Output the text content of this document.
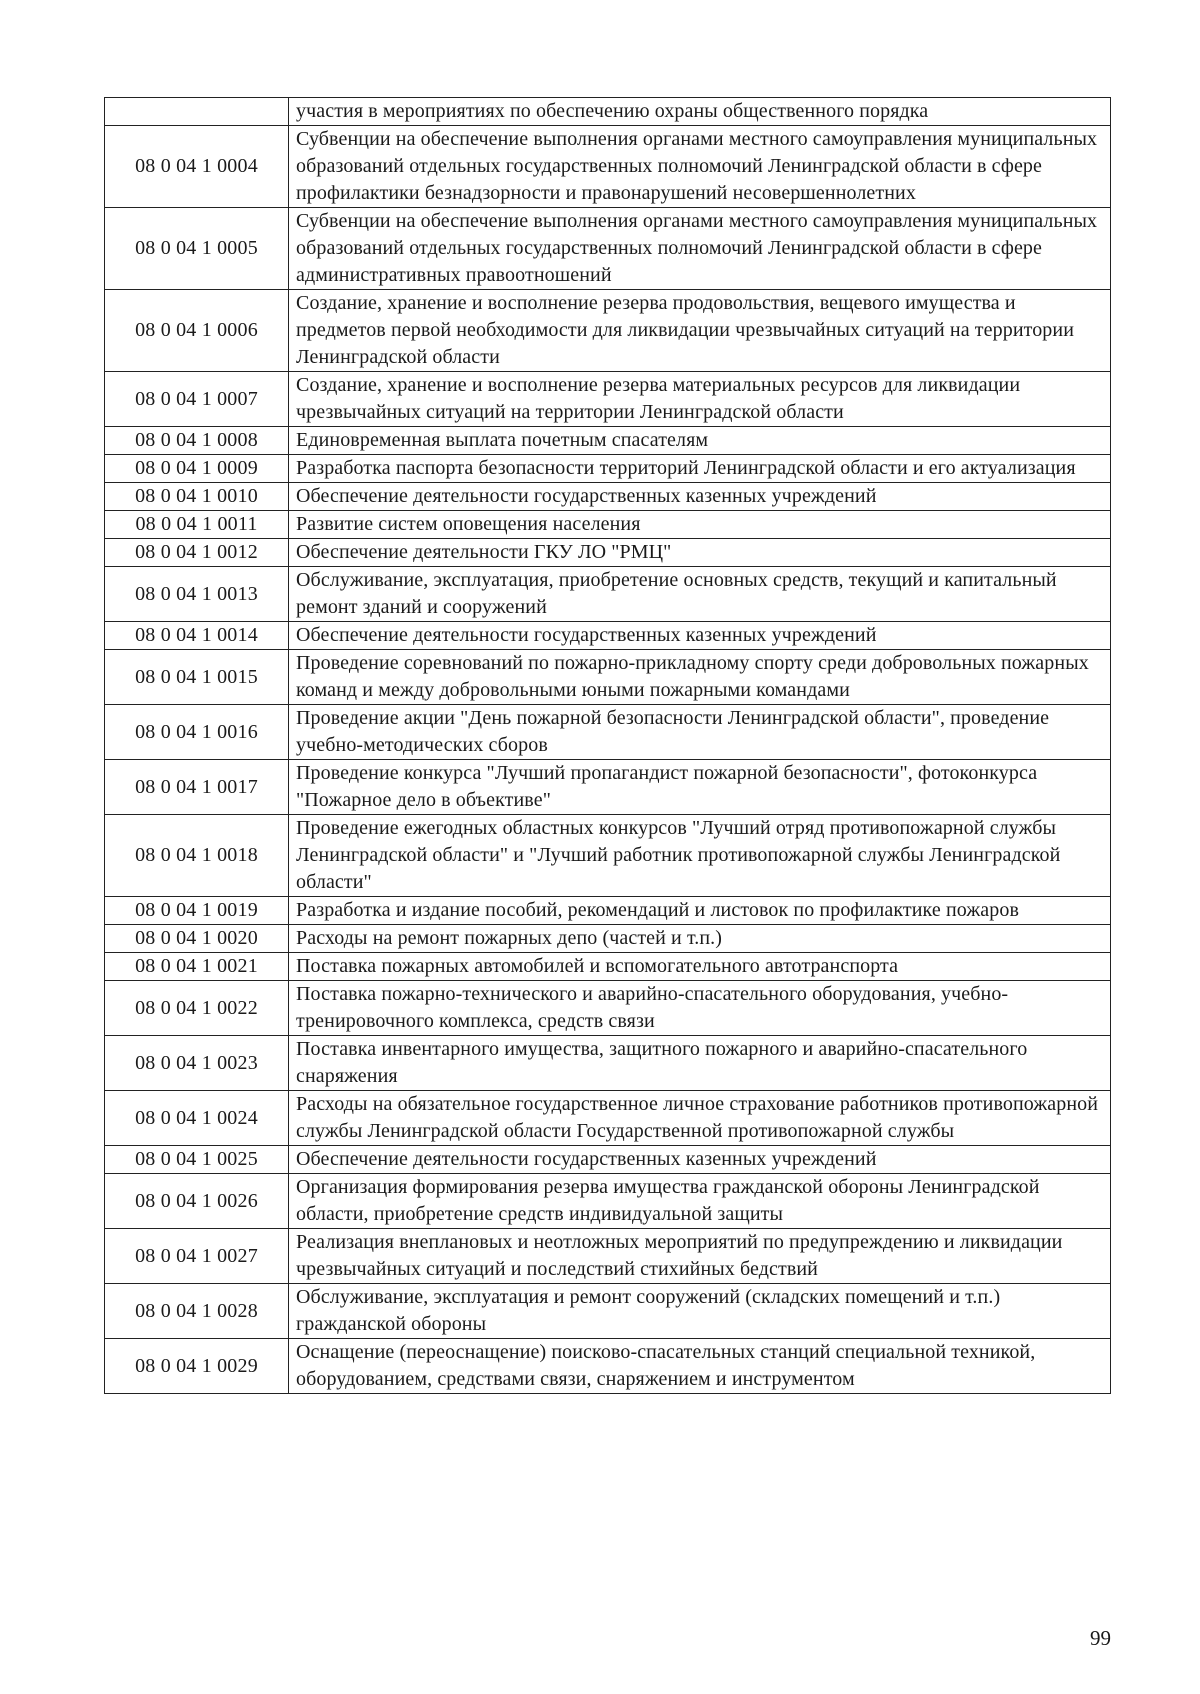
	участия в мероприятиях по обеспечению охраны общественного порядка
08 0 04 1 0004	Субвенции на обеспечение выполнения органами местного самоуправления муниципальных образований отдельных государственных полномочий Ленинградской области в сфере профилактики безнадзорности и правонарушений несовершеннолетних
08 0 04 1 0005	Субвенции на обеспечение выполнения органами местного самоуправления муниципальных образований отдельных государственных полномочий Ленинградской области в сфере административных правоотношений
08 0 04 1 0006	Создание, хранение и восполнение резерва продовольствия, вещевого имущества и предметов первой необходимости для ликвидации чрезвычайных ситуаций на территории Ленинградской области
08 0 04 1 0007	Создание, хранение и восполнение резерва материальных ресурсов для ликвидации чрезвычайных ситуаций на территории Ленинградской области
08 0 04 1 0008	Единовременная выплата почетным спасателям
08 0 04 1 0009	Разработка паспорта безопасности территорий Ленинградской области и его актуализация
08 0 04 1 0010	Обеспечение деятельности государственных казенных учреждений
08 0 04 1 0011	Развитие систем оповещения населения
08 0 04 1 0012	Обеспечение деятельности ГКУ ЛО "РМЦ"
08 0 04 1 0013	Обслуживание, эксплуатация, приобретение основных средств, текущий и капитальный ремонт зданий и сооружений
08 0 04 1 0014	Обеспечение деятельности государственных казенных учреждений
08 0 04 1 0015	Проведение соревнований по пожарно-прикладному спорту среди добровольных пожарных команд и между добровольными юными пожарными командами
08 0 04 1 0016	Проведение акции "День пожарной безопасности Ленинградской области", проведение учебно-методических сборов
08 0 04 1 0017	Проведение конкурса "Лучший пропагандист пожарной безопасности", фотоконкурса "Пожарное дело в объективе"
08 0 04 1 0018	Проведение ежегодных областных конкурсов "Лучший отряд противопожарной службы Ленинградской области" и "Лучший работник противопожарной службы Ленинградской области"
08 0 04 1 0019	Разработка и издание пособий, рекомендаций и листовок по профилактике пожаров
08 0 04 1 0020	Расходы на ремонт пожарных депо (частей и т.п.)
08 0 04 1 0021	Поставка пожарных автомобилей и вспомогательного автотранспорта
08 0 04 1 0022	Поставка пожарно-технического и аварийно-спасательного оборудования, учебно-тренировочного комплекса, средств связи
08 0 04 1 0023	Поставка инвентарного имущества, защитного пожарного и аварийно-спасательного снаряжения
08 0 04 1 0024	Расходы на обязательное государственное личное страхование работников противопожарной службы Ленинградской области Государственной противопожарной службы
08 0 04 1 0025	Обеспечение деятельности государственных казенных учреждений
08 0 04 1 0026	Организация формирования резерва имущества гражданской обороны Ленинградской области, приобретение средств индивидуальной защиты
08 0 04 1 0027	Реализация внеплановых и неотложных мероприятий по предупреждению и ликвидации чрезвычайных ситуаций и последствий стихийных бедствий
08 0 04 1 0028	Обслуживание, эксплуатация и ремонт сооружений (складских помещений и т.п.) гражданской обороны
08 0 04 1 0029	Оснащение (переоснащение) поисково-спасательных станций специальной техникой, оборудованием, средствами связи, снаряжением и инструментом
99
